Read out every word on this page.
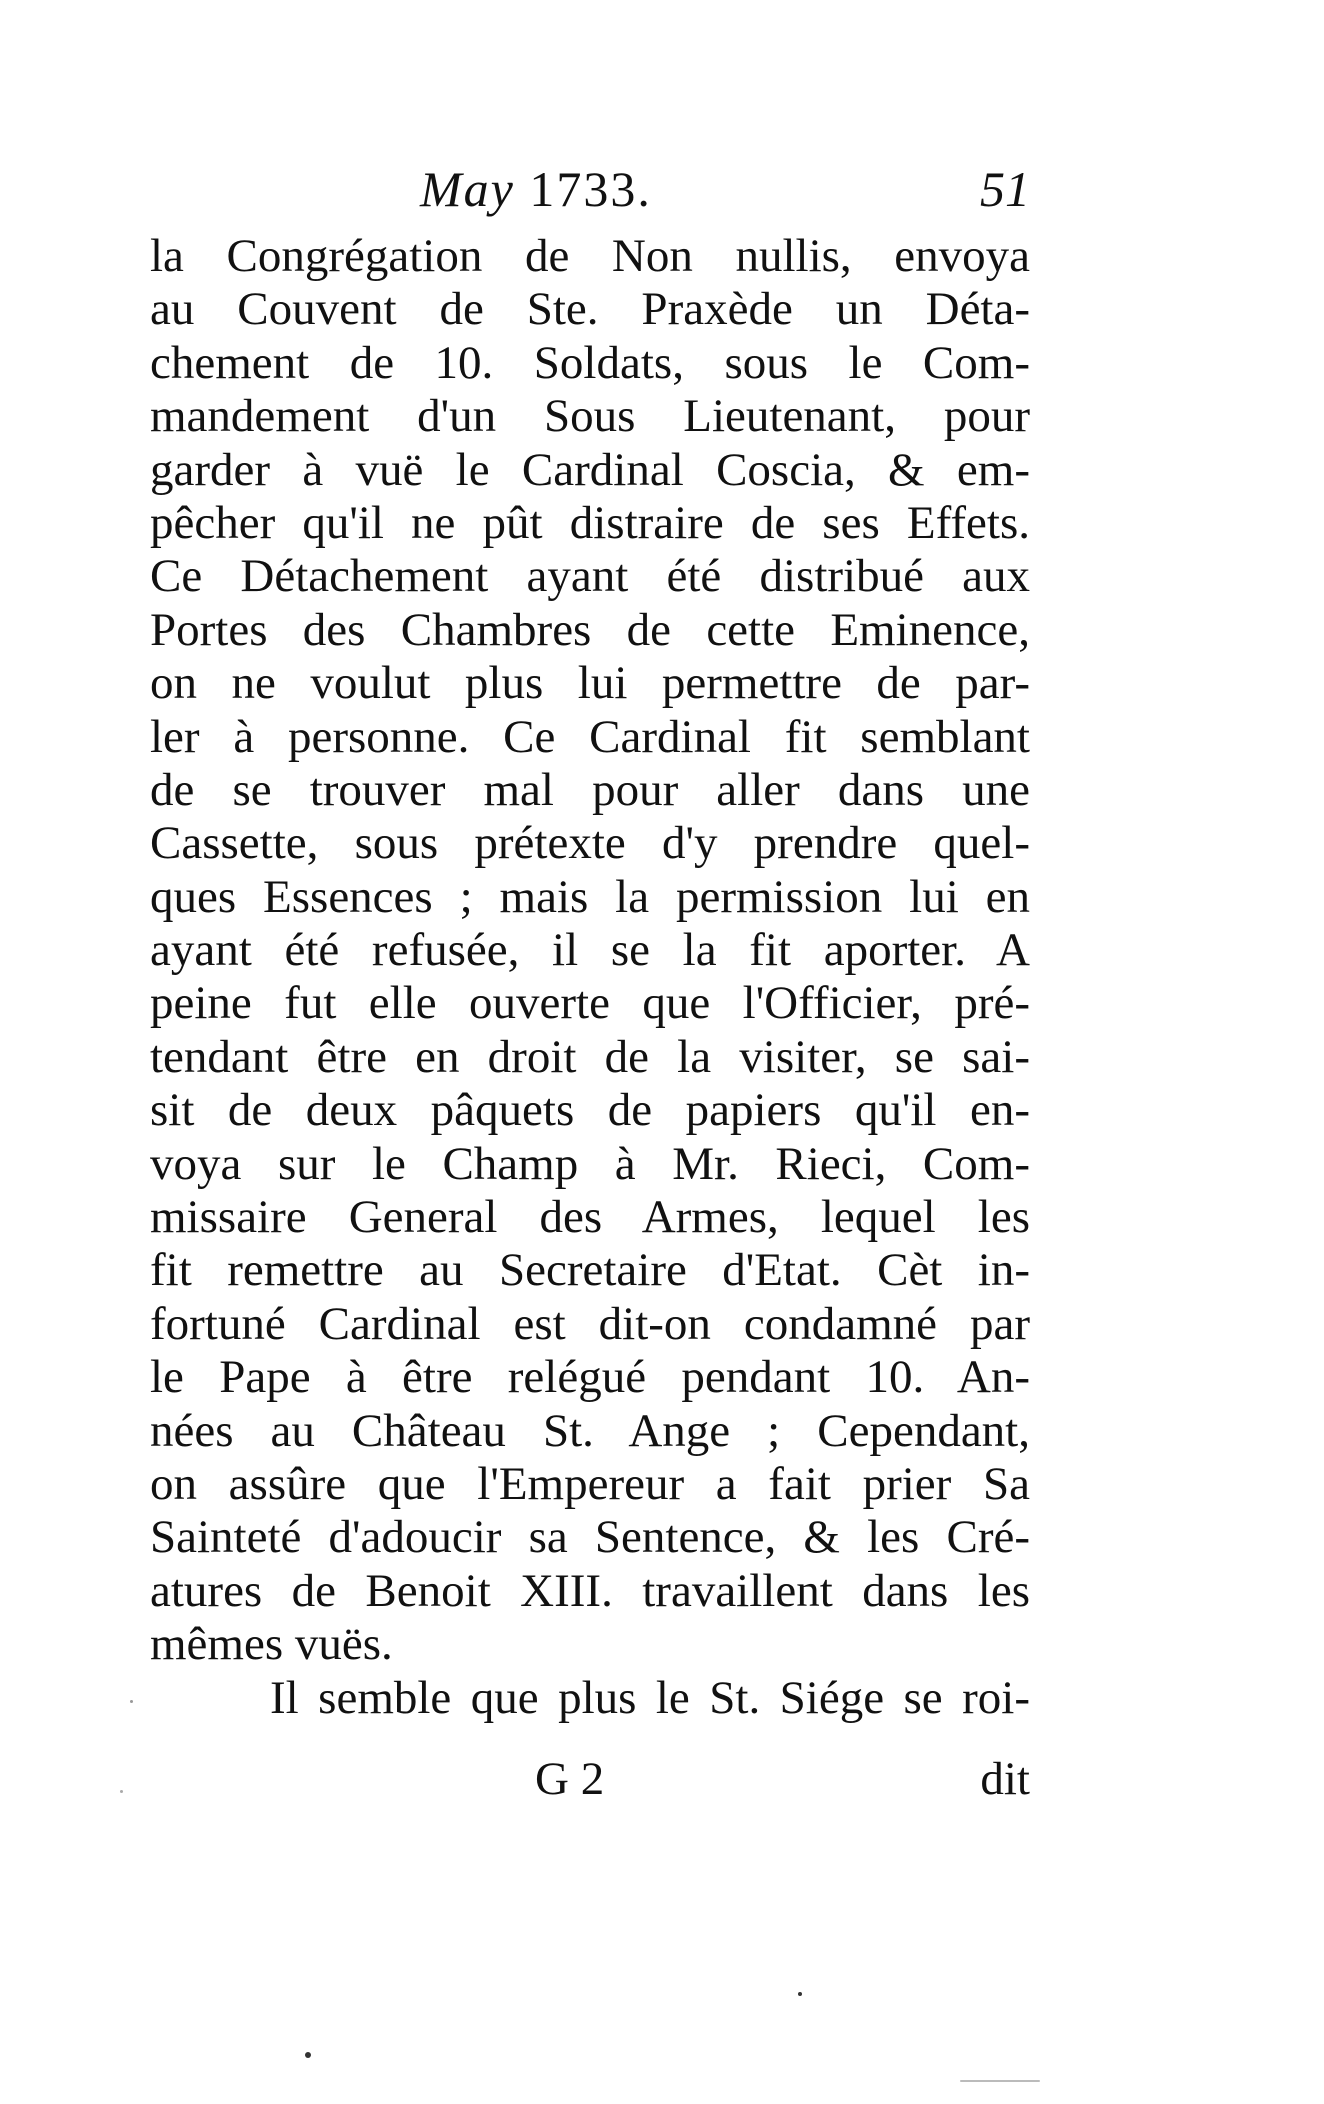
May 1733.	51
la Congrégation de Non nullis, envoya
au Couvent de Ste. Praxède un Déta-
chement de 10. Soldats, sous le Com-
mandement d'un Sous Lieutenant, pour
garder à vuë le Cardinal Coscia, & em-
pêcher qu'il ne pût distraire de ses Effets.
Ce Détachement ayant été distribué aux
Portes des Chambres de cette Eminence,
on ne voulut plus lui permettre de par-
ler à personne. Ce Cardinal fit semblant
de se trouver mal pour aller dans une
Cassette, sous prétexte d'y prendre quel-
ques Essences ; mais la permission lui en
ayant été refusée, il se la fit aporter. A
peine fut elle ouverte que l'Officier, pré-
tendant être en droit de la visiter, se sai-
sit de deux pâquets de papiers qu'il en-
voya sur le Champ à Mr. Rieci, Com-
missaire General des Armes, lequel les
fit remettre au Secretaire d'Etat. Cèt in-
fortuné Cardinal est dit-on condamné par
le Pape à être relégué pendant 10. An-
nées au Château St. Ange ; Cependant,
on assûre que l'Empereur a fait prier Sa
Sainteté d'adoucir sa Sentence, & les Cré-
atures de Benoit XIII. travaillent dans les
mêmes vuës.
Il semble que plus le St. Siége se roi-
G 2	dit
